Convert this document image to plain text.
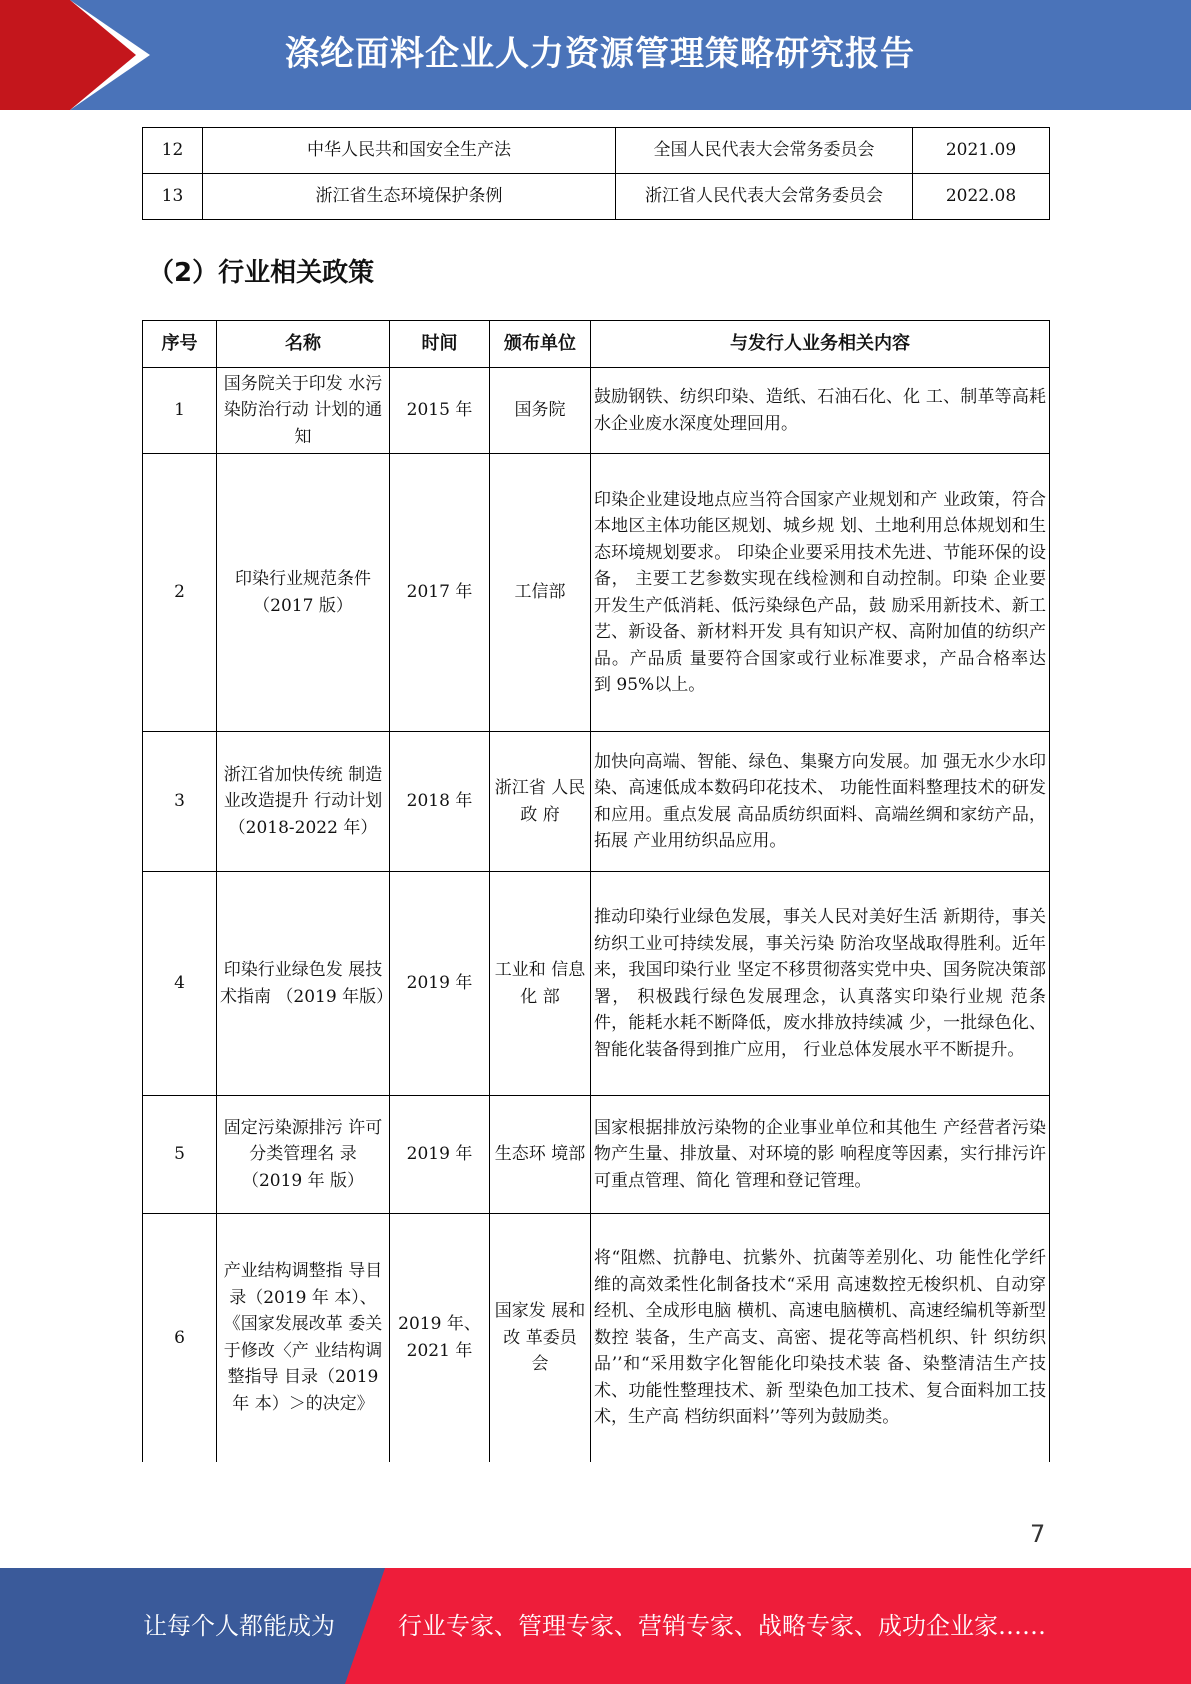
涤纶面料企业人力资源管理策略研究报告
12	中华人民共和国安全生产法	全国人民代表大会常务委员会	2021.09
13	浙江省生态环境保护条例	浙江省人民代表大会常务委员会	2022.08
（2）行业相关政策
序号	名称	时间	颁布单位	与发行人业务相关内容
1	国务院关于印发 水污染防治行动 计划的通知	2015 年	国务院	鼓励钢铁、纺织印染、造纸、石油石化、化 工、制革等高耗水企业废水深度处理回用。
2	印染行业规范条件（2017 版）	2017 年	工信部	印染企业建设地点应当符合国家产业规划和产 业政策，符合本地区主体功能区规划、城乡规 划、土地利用总体规划和生态环境规划要求。 印染企业要采用技术先进、节能环保的设备， 主要工艺参数实现在线检测和自动控制。印染 企业要开发生产低消耗、低污染绿色产品，鼓 励采用新技术、新工艺、新设备、新材料开发 具有知识产权、高附加值的纺织产品。产品质 量要符合国家或行业标准要求，产品合格率达 到 95%以上。
3	浙江省加快传统 制造业改造提升 行动计划 （2018-2022 年）	2018 年	浙江省 人民政 府	加快向高端、智能、绿色、集聚方向发展。加 强无水少水印染、高速低成本数码印花技术、 功能性面料整理技术的研发和应用。重点发展 高品质纺织面料、高端丝绸和家纺产品，拓展 产业用纺织品应用。
4	印染行业绿色发 展技术指南 （2019 年版）	2019 年	工业和 信息化 部	推动印染行业绿色发展，事关人民对美好生活 新期待，事关纺织工业可持续发展，事关污染 防治攻坚战取得胜利。近年来，我国印染行业 坚定不移贯彻落实党中央、国务院决策部署， 积极践行绿色发展理念，认真落实印染行业规 范条件，能耗水耗不断降低，废水排放持续减 少，一批绿色化、智能化装备得到推广应用， 行业总体发展水平不断提升。
5	固定污染源排污 许可分类管理名 录（2019 年 版）	2019 年	生态环 境部	国家根据排放污染物的企业事业单位和其他生 产经营者污染物产生量、排放量、对环境的影 响程度等因素，实行排污许可重点管理、简化 管理和登记管理。
6	产业结构调整指 导目录（2019 年 本）、《国家发展改革 委关于修改〈产 业结构调整指导 目录（2019 年 本）＞的决定》	2019 年、 2021 年	国家发 展和改 革委员 会	将“阻燃、抗静电、抗紫外、抗菌等差别化、功 能性化学纤维的高效柔性化制备技术“采用 高速数控无梭织机、自动穿经机、全成形电脑 横机、高速电脑横机、高速经编机等新型数控 装备，生产高支、高密、提花等高档机织、针 织纺织品’’和“采用数字化智能化印染技术装 备、染整清洁生产技术、功能性整理技术、新 型染色加工技术、复合面料加工技术，生产高 档纺织面料’’等列为鼓励类。
7
让每个人都能成为	行业专家、管理专家、营销专家、战略专家、成功企业家……
